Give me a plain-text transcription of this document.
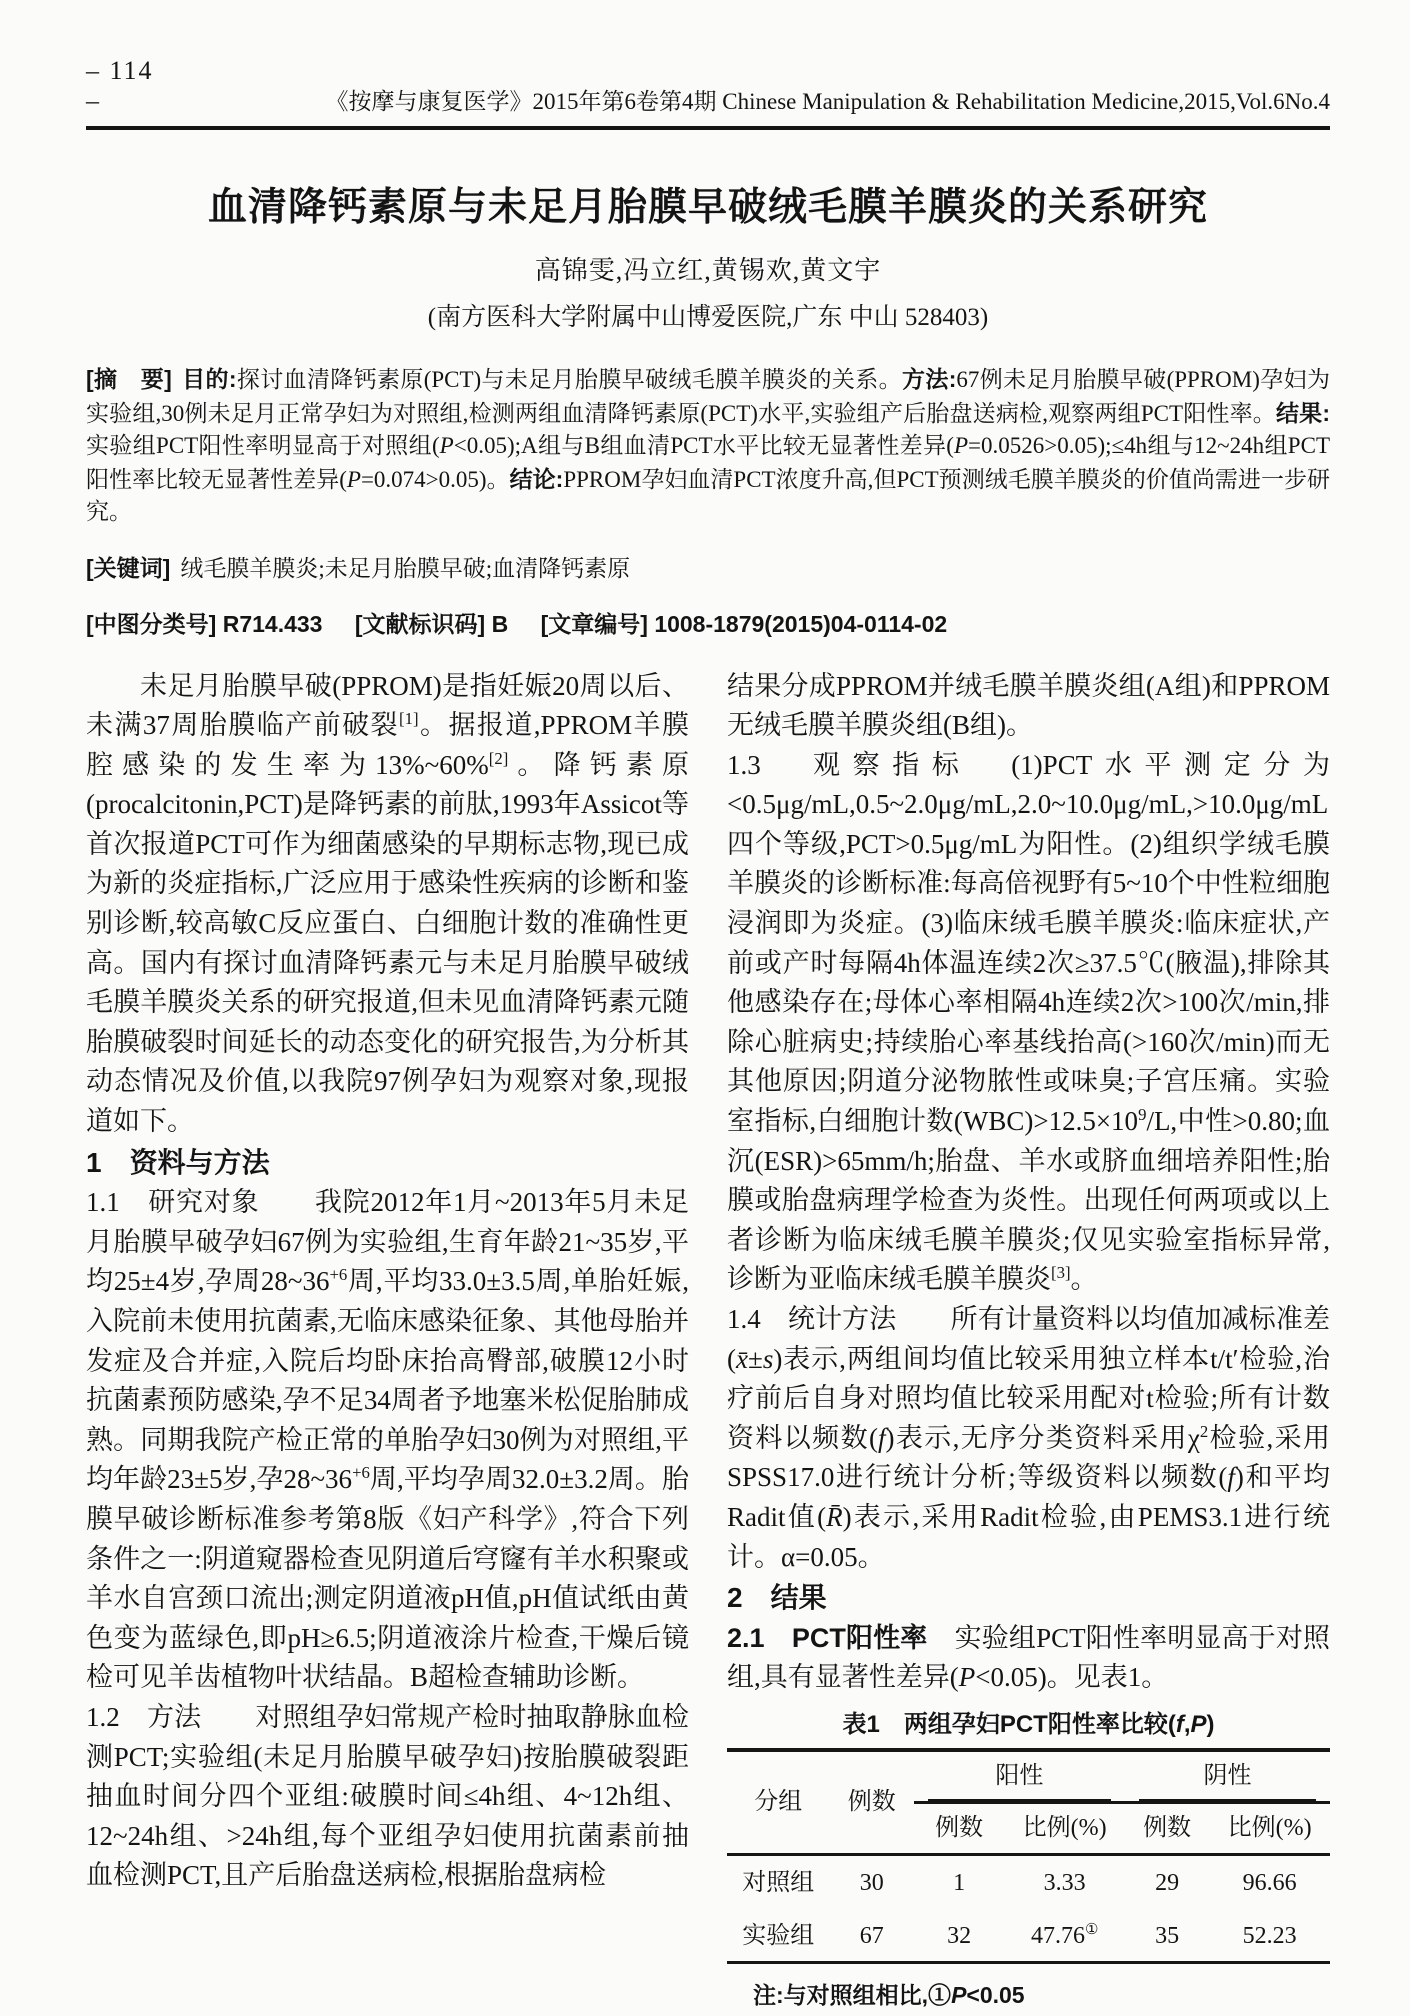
– 114 –	《按摩与康复医学》2015年第6卷第4期 Chinese Manipulation & Rehabilitation Medicine,2015,Vol.6No.4
血清降钙素原与未足月胎膜早破绒毛膜羊膜炎的关系研究
高锦雯,冯立红,黄锡欢,黄文宇
(南方医科大学附属中山博爱医院,广东 中山 528403)

[摘　要] 目的:探讨血清降钙素原(PCT)与未足月胎膜早破绒毛膜羊膜炎的关系。方法:67例未足月胎膜早破(PPROM)孕妇为实验组,30例未足月正常孕妇为对照组,检测两组血清降钙素原(PCT)水平,实验组产后胎盘送病检,观察两组PCT阳性率。结果:实验组PCT阳性率明显高于对照组(P<0.05);A组与B组血清PCT水平比较无显著性差异(P=0.0526>0.05);≤4h组与12~24h组PCT阳性率比较无显著性差异(P=0.074>0.05)。结论:PPROM孕妇血清PCT浓度升高,但PCT预测绒毛膜羊膜炎的价值尚需进一步研究。

[关键词] 绒毛膜羊膜炎;未足月胎膜早破;血清降钙素原

[中图分类号] R714.433 [文献标识码] B [文章编号] 1008-1879(2015)04-0114-02

未足月胎膜早破(PPROM)是指妊娠20周以后、未满37周胎膜临产前破裂[1]。据报道,PPROM羊膜腔感染的发生率为13%~60%[2]。降钙素原(procalcitonin,PCT)是降钙素的前肽,1993年Assicot等首次报道PCT可作为细菌感染的早期标志物,现已成为新的炎症指标,广泛应用于感染性疾病的诊断和鉴别诊断,较高敏C反应蛋白、白细胞计数的准确性更高。国内有探讨血清降钙素元与未足月胎膜早破绒毛膜羊膜炎关系的研究报道,但未见血清降钙素元随胎膜破裂时间延长的动态变化的研究报告,为分析其动态情况及价值,以我院97例孕妇为观察对象,现报道如下。

1　资料与方法

1.1　研究对象　　我院2012年1月~2013年5月未足月胎膜早破孕妇67例为实验组,生育年龄21~35岁,平均25±4岁,孕周$28\sim 36^{+6}$周,平均33.0±3.5周,单胎妊娠,入院前未使用抗菌素,无临床感染征象、其他母胎并发症及合并症,入院后均卧床抬高臀部,破膜12小时抗菌素预防感染,孕不足34周者予地塞米松促胎肺成熟。同期我院产检正常的单胎孕妇30例为对照组,平均年龄23±5岁,孕$28\sim 36^{+6}$周,平均孕周32.0±3.2周。胎膜早破诊断标准参考第8版《妇产科学》,符合下列条件之一:阴道窥器检查见阴道后穹窿有羊水积聚或羊水自宫颈口流出;测定阴道液pH值,pH值试纸由黄色变为蓝绿色,即pH≥6.5;阴道液涂片检查,干燥后镜检可见羊齿植物叶状结晶。B超检查辅助诊断。

1.2　方法　　对照组孕妇常规产检时抽取静脉血检测PCT;实验组(未足月胎膜早破孕妇)按胎膜破裂距抽血时间分四个亚组:破膜时间≤4h组、4~12h组、12~24h组、>24h组,每个亚组孕妇使用抗菌素前抽血检测PCT,且产后胎盘送病检,根据胎盘病检

结果分成PPROM并绒毛膜羊膜炎组(A组)和PPROM无绒毛膜羊膜炎组(B组)。

1.3　观察指标　(1)PCT水平测定分为<0.5μg/mL,0.5~2.0μg/mL,2.0~10.0μg/mL,>10.0μg/mL四个等级,PCT>0.5μg/mL为阳性。(2)组织学绒毛膜羊膜炎的诊断标准:每高倍视野有5~10个中性粒细胞浸润即为炎症。(3)临床绒毛膜羊膜炎:临床症状,产前或产时每隔4h体温连续2次≥37.5℃(腋温),排除其他感染存在;母体心率相隔4h连续2次>100次/min,排除心脏病史;持续胎心率基线抬高(>160次/min)而无其他原因;阴道分泌物脓性或味臭;子宫压痛。实验室指标,白细胞计数$(WBC)>12.5\times 10^9/L$,中性>0.80;血沉(ESR)>65mm/h;胎盘、羊水或脐血细培养阳性;胎膜或胎盘病理学检查为炎性。出现任何两项或以上者诊断为临床绒毛膜羊膜炎;仅见实验室指标异常,诊断为亚临床绒毛膜羊膜炎[3]。

1.4　统计方法　　所有计量资料以均值加减标准差(x̄±s)表示,两组间均值比较采用独立样本t/t′检验,治疗前后自身对照均值比较采用配对t检验;所有计数资料以频数(f)表示,无序分类资料采用$\chi^2$检验,采用SPSS17.0进行统计分析;等级资料以频数(f)和平均Radit值(R̄)表示,采用Radit检验,由PEMS3.1进行统计。α=0.05。

2　结果

2.1　PCT阳性率　实验组PCT阳性率明显高于对照组,具有显著性差异(P<0.05)。见表1。

表1　两组孕妇PCT阳性率比较(f,P)
分组	例数	阳性		阴性	

		例数	比例(%)	例数	比例(%)
对照组	30	1	3.33	29	96.66
实验组	67	32	47.76①	35	52.23
注:与对照组相比,①P<0.05
